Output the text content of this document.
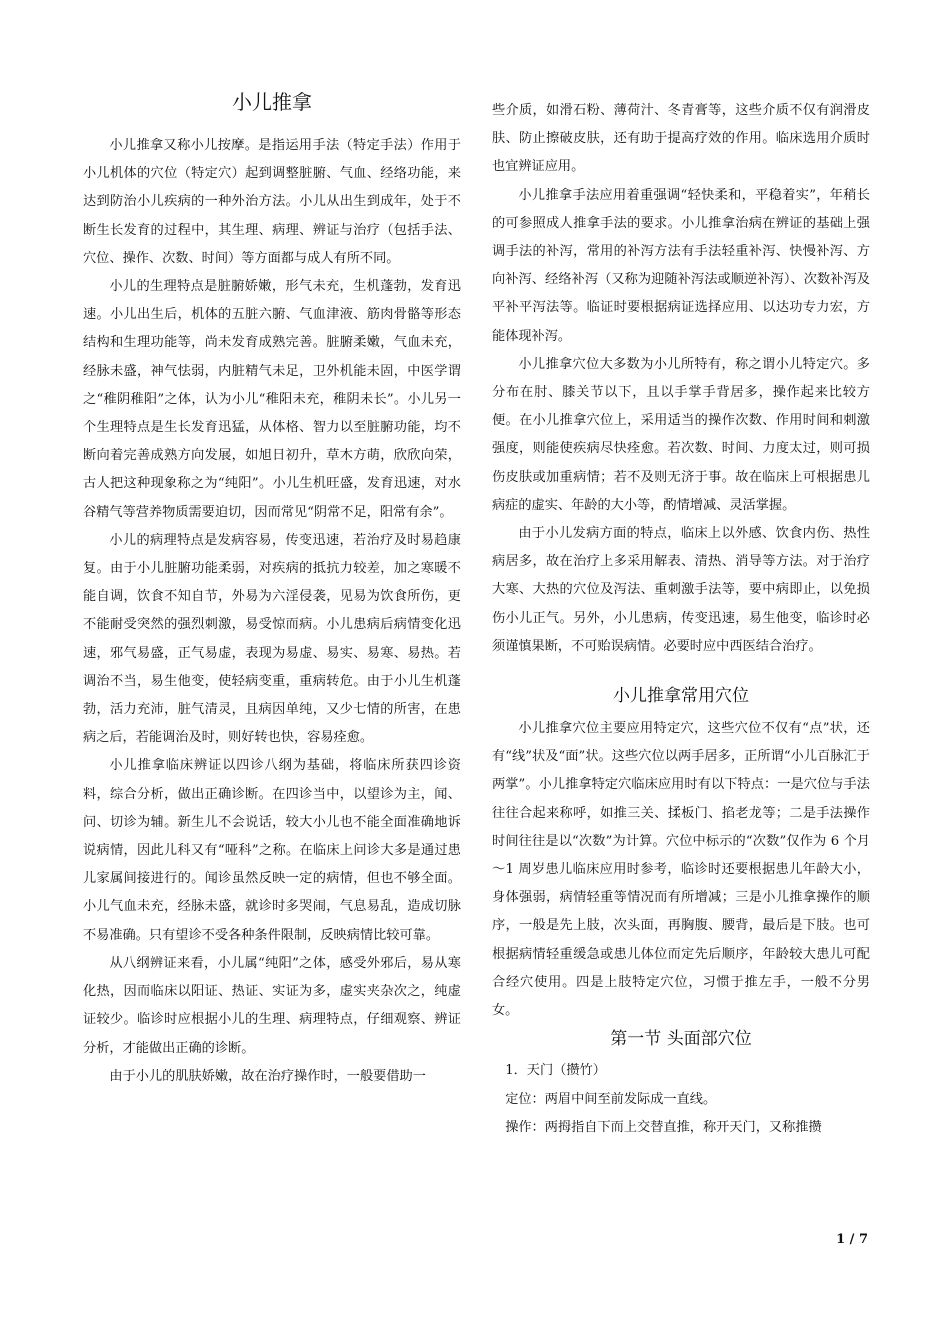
小儿推拿

小儿推拿又称小儿按摩。是指运用手法（特定手法）作用于小儿机体的穴位（特定穴）起到调整脏腑、气血、经络功能，来达到防治小儿疾病的一种外治方法。小儿从出生到成年，处于不断生长发育的过程中，其生理、病理、辨证与治疗（包括手法、穴位、操作、次数、时间）等方面都与成人有所不同。

小儿的生理特点是脏腑娇嫩，形气未充，生机蓬勃，发育迅速。小儿出生后，机体的五脏六腑、气血津液、筋肉骨骼等形态结构和生理功能等，尚未发育成熟完善。脏腑柔嫩，气血未充，经脉未盛，神气怯弱，内脏精气未足，卫外机能未固，中医学谓之“稚阴稚阳”之体，认为小儿“稚阳未充，稚阴未长”。小儿另一个生理特点是生长发育迅猛，从体格、智力以至脏腑功能，均不断向着完善成熟方向发展，如旭日初升，草木方萌，欣欣向荣，古人把这种现象称之为“纯阳”。小儿生机旺盛，发育迅速，对水谷精气等营养物质需要迫切，因而常见“阴常不足，阳常有余”。

小儿的病理特点是发病容易，传变迅速，若治疗及时易趋康复。由于小儿脏腑功能柔弱，对疾病的抵抗力较差，加之寒暖不能自调，饮食不知自节，外易为六淫侵袭，见易为饮食所伤，更不能耐受突然的强烈刺激，易受惊而病。小儿患病后病情变化迅速，邪气易盛，正气易虚，表现为易虚、易实、易寒、易热。若调治不当，易生他变，使轻病变重，重病转危。由于小儿生机蓬勃，活力充沛，脏气清灵，且病因单纯，又少七情的所害，在患病之后，若能调治及时，则好转也快，容易痊愈。

小儿推拿临床辨证以四诊八纲为基础，将临床所获四诊资料，综合分析，做出正确诊断。在四诊当中，以望诊为主，闻、问、切诊为辅。新生儿不会说话，较大小儿也不能全面准确地诉说病情，因此儿科又有“哑科”之称。在临床上问诊大多是通过患儿家属间接进行的。闻诊虽然反映一定的病情，但也不够全面。小儿气血未充，经脉未盛，就诊时多哭闹，气息易乱，造成切脉不易准确。只有望诊不受各种条件限制，反映病情比较可靠。

从八纲辨证来看，小儿属“纯阳”之体，感受外邪后，易从寒化热，因而临床以阳证、热证、实证为多，虚实夹杂次之，纯虚证较少。临诊时应根据小儿的生理、病理特点，仔细观察、辨证分析，才能做出正确的诊断。

由于小儿的肌肤娇嫩，故在治疗操作时，一般要借助一

些介质，如滑石粉、薄荷汁、冬青膏等，这些介质不仅有润滑皮肤、防止擦破皮肤，还有助于提高疗效的作用。临床选用介质时也宜辨证应用。

小儿推拿手法应用着重强调“轻快柔和，平稳着实”，年稍长的可参照成人推拿手法的要求。小儿推拿治病在辨证的基础上强调手法的补泻，常用的补泻方法有手法轻重补泻、快慢补泻、方向补泻、经络补泻（又称为迎随补泻法或顺逆补泻）、次数补泻及平补平泻法等。临证时要根据病证选择应用、以达功专力宏，方能体现补泻。

小儿推拿穴位大多数为小儿所特有，称之谓小儿特定穴。多分布在肘、膝关节以下，且以手掌手背居多，操作起来比较方便。在小儿推拿穴位上，采用适当的操作次数、作用时间和刺激强度，则能使疾病尽快痊愈。若次数、时间、力度太过，则可损伤皮肤或加重病情；若不及则无济于事。故在临床上可根据患儿病症的虚实、年龄的大小等，酌情增减、灵活掌握。

由于小儿发病方面的特点，临床上以外感、饮食内伤、热性病居多，故在治疗上多采用解表、清热、消导等方法。对于治疗大寒、大热的穴位及泻法、重刺激手法等，要中病即止，以免损伤小儿正气。另外，小儿患病，传变迅速，易生他变，临诊时必须谨慎果断，不可贻误病情。必要时应中西医结合治疗。

小儿推拿常用穴位

小儿推拿穴位主要应用特定穴，这些穴位不仅有“点”状，还有“线”状及“面”状。这些穴位以两手居多，正所谓“小儿百脉汇于两掌”。小儿推拿特定穴临床应用时有以下特点：一是穴位与手法往往合起来称呼，如推三关、揉板门、掐老龙等；二是手法操作时间往往是以“次数”为计算。穴位中标示的“次数”仅作为 6 个月～1 周岁患儿临床应用时参考，临诊时还要根据患儿年龄大小，身体强弱，病情轻重等情况而有所增减；三是小儿推拿操作的顺序，一般是先上肢，次头面，再胸腹、腰背，最后是下肢。也可根据病情轻重缓急或患儿体位而定先后顺序，年龄较大患儿可配合经穴使用。四是上肢特定穴位，习惯于推左手，一般不分男女。

第一节 头面部穴位

1．天门（攒竹）

定位：两眉中间至前发际成一直线。

操作：两拇指自下而上交替直推，称开天门，又称推攒

1 / 7
